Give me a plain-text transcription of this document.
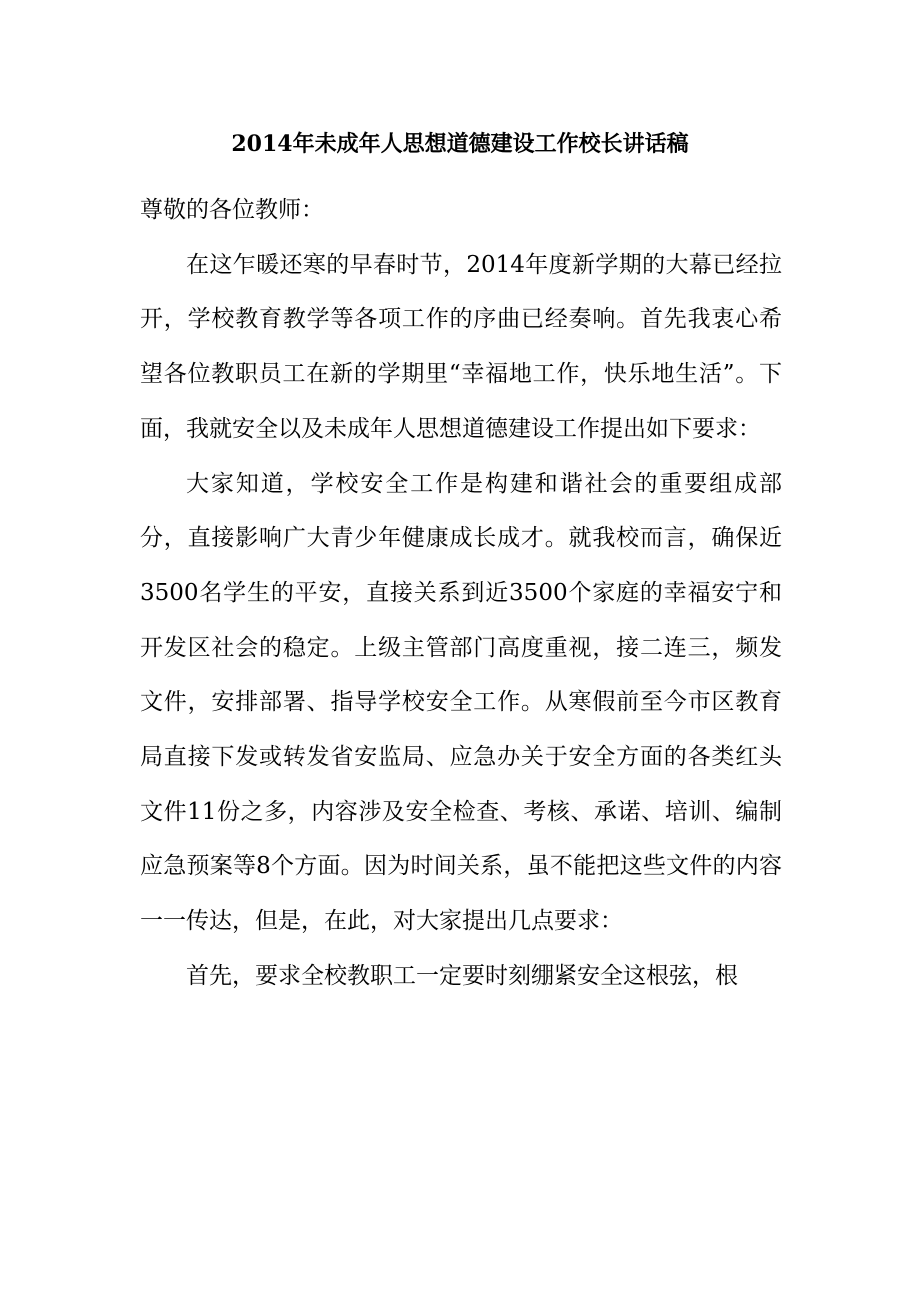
2014年未成年人思想道德建设工作校长讲话稿

尊敬的各位教师：

在这乍暖还寒的早春时节，2014年度新学期的大幕已经拉开，学校教育教学等各项工作的序曲已经奏响。首先我衷心希望各位教职员工在新的学期里“幸福地工作，快乐地生活”。下面，我就安全以及未成年人思想道德建设工作提出如下要求：

大家知道，学校安全工作是构建和谐社会的重要组成部分，直接影响广大青少年健康成长成才。就我校而言，确保近3500名学生的平安，直接关系到近3500个家庭的幸福安宁和开发区社会的稳定。上级主管部门高度重视，接二连三，频发文件，安排部署、指导学校安全工作。从寒假前至今市区教育局直接下发或转发省安监局、应急办关于安全方面的各类红头文件11份之多，内容涉及安全检查、考核、承诺、培训、编制应急预案等8个方面。因为时间关系，虽不能把这些文件的内容一一传达，但是，在此，对大家提出几点要求：

首先，要求全校教职工一定要时刻绷紧安全这根弦，根
